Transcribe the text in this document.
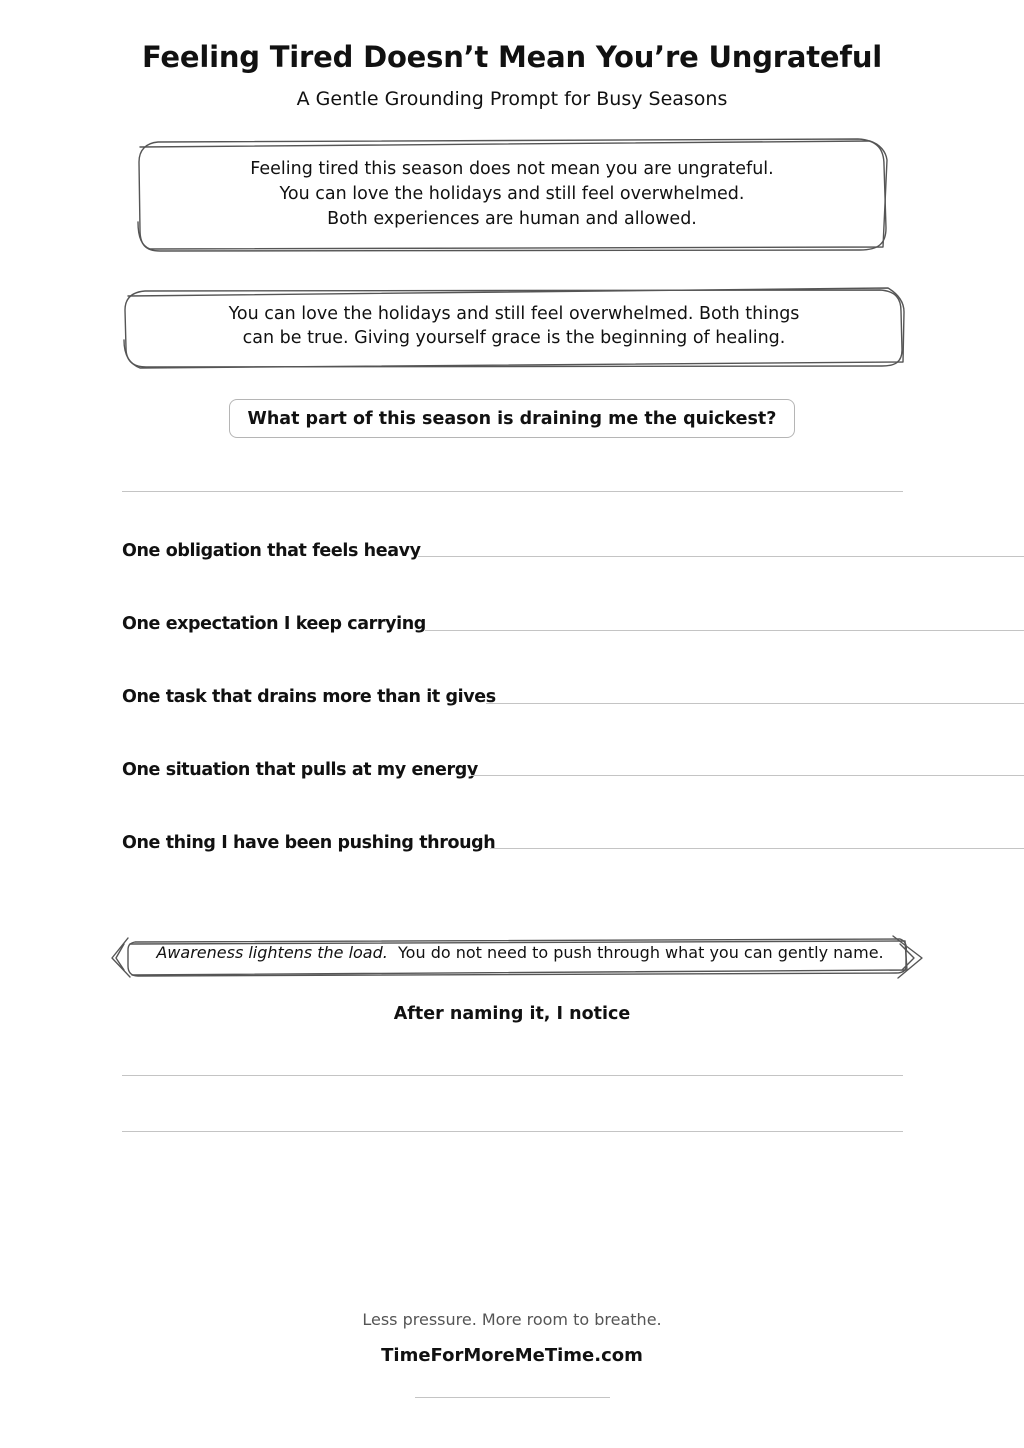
Feeling Tired Doesn’t Mean You’re Ungrateful
A Gentle Grounding Prompt for Busy Seasons
Feeling tired this season does not mean you are ungrateful.
You can love the holidays and still feel overwhelmed.
Both experiences are human and allowed.
You can love the holidays and still feel overwhelmed. Both things
can be true. Giving yourself grace is the beginning of healing.
What part of this season is draining me the quickest?
One obligation that feels heavy
One expectation I keep carrying
One task that drains more than it gives
One situation that pulls at my energy
One thing I have been pushing through
Awareness lightens the load. You do not need to push through what you can gently name.
After naming it, I notice
Less pressure. More room to breathe.
TimeForMoreMeTime.com
